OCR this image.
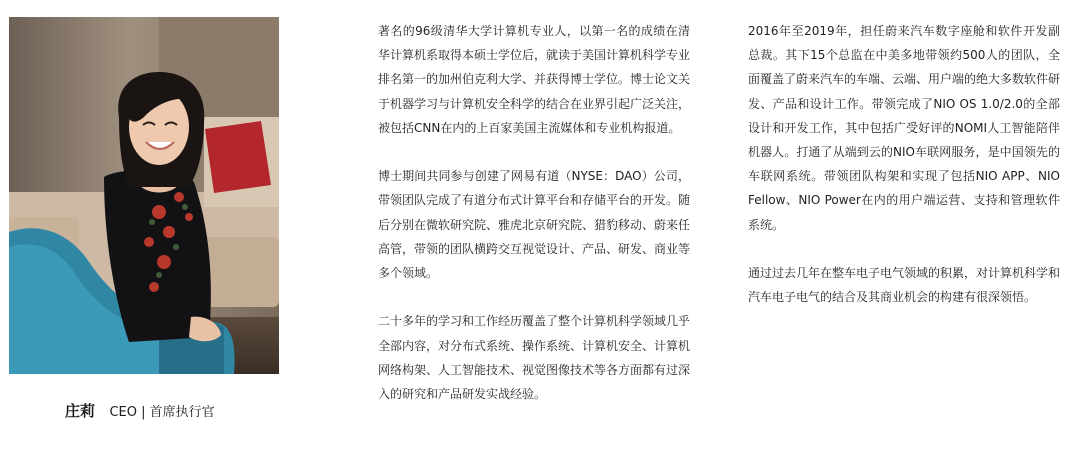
庄莉 CEO | 首席执行官

著名的96级清华大学计算机专业人，以第一名的成绩在清华计算机系取得本硕士学位后，就读于美国计算机科学专业排名第一的加州伯克利大学、并获得博士学位。博士论文关于机器学习与计算机安全科学的结合在业界引起广泛关注，被包括CNN在内的上百家美国主流媒体和专业机构报道。

博士期间共同参与创建了网易有道（NYSE：DAO）公司，带领团队完成了有道分布式计算平台和存储平台的开发。随后分别在微软研究院、雅虎北京研究院、猎豹移动、蔚来任高管，带领的团队横跨交互视觉设计、产品、研发、商业等多个领域。

二十多年的学习和工作经历覆盖了整个计算机科学领域几乎全部内容，对分布式系统、操作系统、计算机安全、计算机网络构架、人工智能技术、视觉图像技术等各方面都有过深入的研究和产品研发实战经验。

2016年至2019年，担任蔚来汽车数字座舱和软件开发副总裁。其下15个总监在中美多地带领约500人的团队，全面覆盖了蔚来汽车的车端、云端、用户端的绝大多数软件研发、产品和设计工作。带领完成了NIO OS 1.0/2.0的全部设计和开发工作，其中包括广受好评的NOMI人工智能陪伴机器人。打通了从端到云的NIO车联网服务，是中国领先的车联网系统。带领团队构架和实现了包括NIO APP、NIO Fellow、NIO Power在内的用户端运营、支持和管理软件系统。

通过过去几年在整车电子电气领域的积累，对计算机科学和汽车电子电气的结合及其商业机会的构建有很深领悟。
